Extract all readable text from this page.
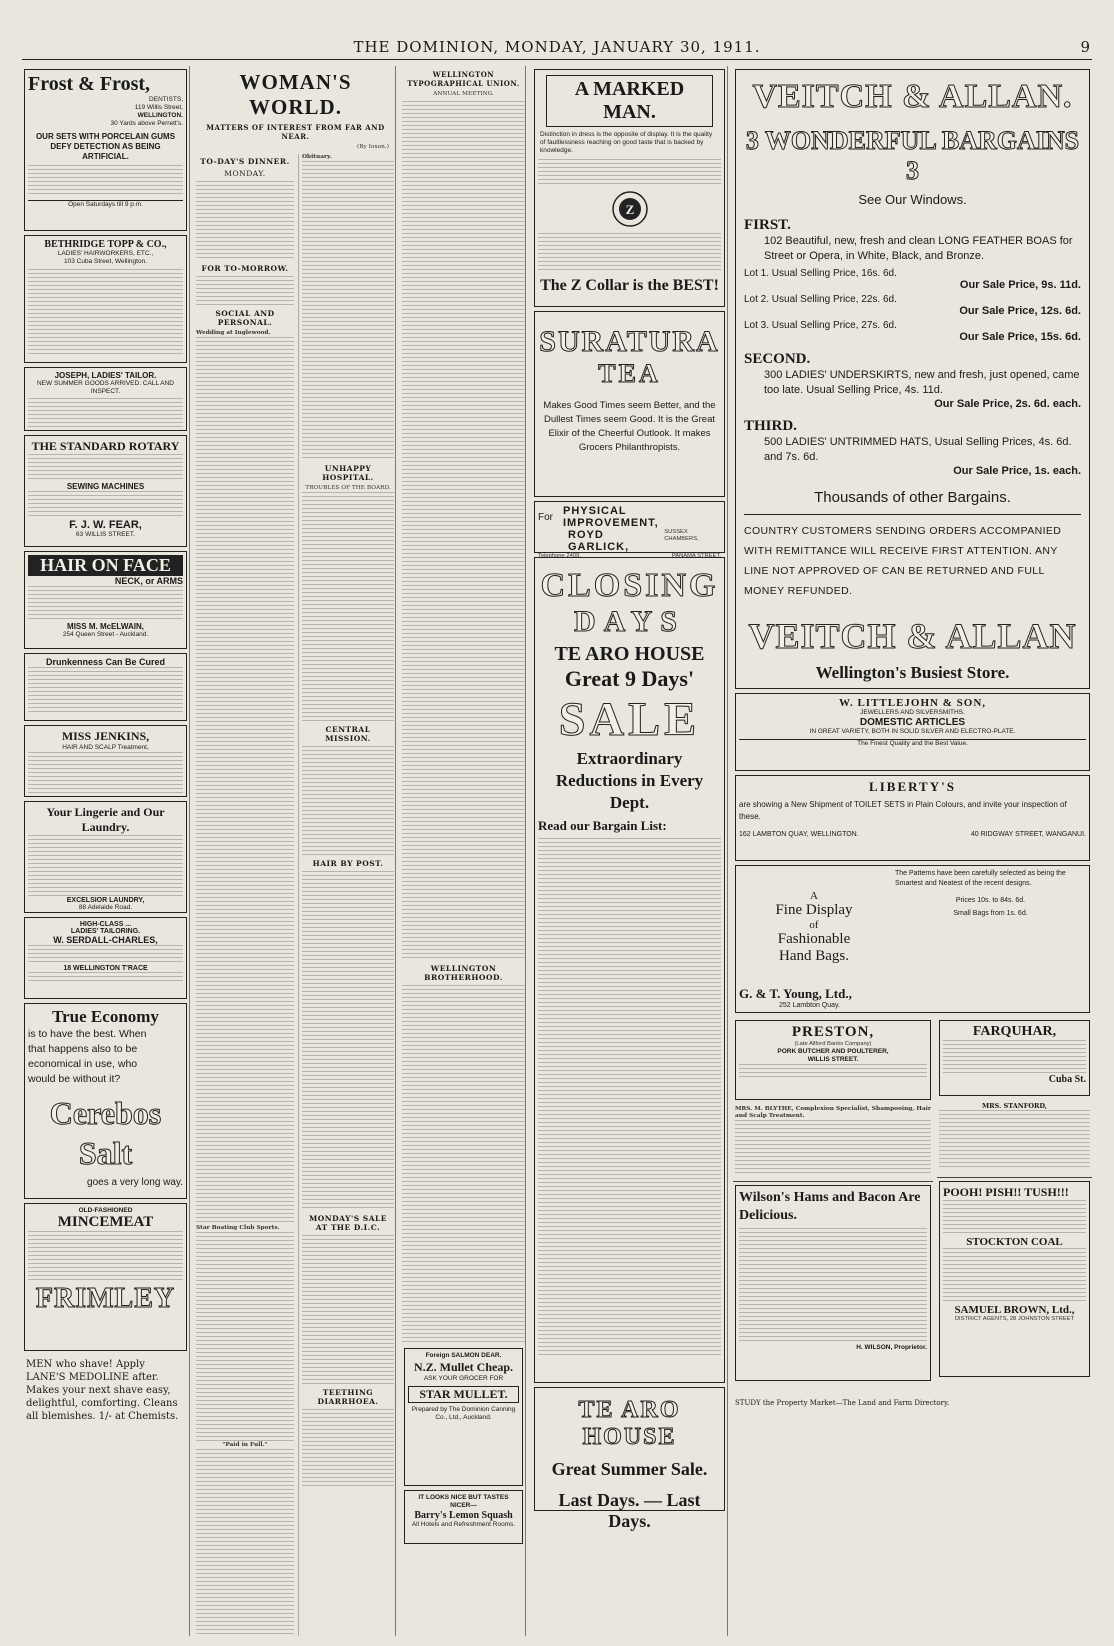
THE DOMINION, MONDAY, JANUARY 30, 1911.	9
Frost & Frost,
DENTISTS,
119 Willis Street,
WELLINGTON.
30 Yards above Perrett's.
OUR SETS WITH PORCELAIN GUMS DEFY DETECTION AS BEING ARTIFICIAL.
Open Saturdays till 9 p.m.
BETHRIDGE TOPP & CO.,
LADIES' HAIRWORKERS, ETC.,
103 Cuba Street, Wellington.
JOSEPH, LADIES' TAILOR.
NEW SUMMER GOODS ARRIVED. CALL AND INSPECT.
THE STANDARD ROTARY
SEWING MACHINES
F. J. W. FEAR,
63 WILLIS STREET.
HAIR ON FACE
NECK, or ARMS
MISS M. McELWAIN,
254 Queen Street - Auckland.
Drunkenness Can Be Cured
MISS JENKINS,
HAIR AND SCALP Treatment,
Your Lingerie and Our Laundry.
EXCELSIOR LAUNDRY,
88 Adelaide Road.
HIGH-CLASS ...
LADIES' TAILORING.
W. SERDALL-CHARLES,
18 WELLINGTON T'RACE
True Economy
is to have the best. When
that happens also to be
economical in use, who
would be without it?
Cerebos Salt
goes a very long way.
OLD-FASHIONED
MINCEMEAT
FRIMLEY
MEN who shave! Apply LANE'S MEDOLINE after. Makes your next shave easy, delightful, comforting. Cleans all blemishes. 1/- at Chemists.
WOMAN'S WORLD.
MATTERS OF INTEREST FROM FAR AND NEAR.
(By Ioxon.)
TO-DAY'S DINNER.
MONDAY.
FOR TO-MORROW.
SOCIAL AND PERSONAL.
Wedding at Inglewood.
Star Boating Club Sports.
"Paid in Full."
Obituary.
UNHAPPY HOSPITAL.
TROUBLES OF THE BOARD.
CENTRAL MISSION.
HAIR BY POST.
MONDAY'S SALE AT THE D.I.C.
TEETHING DIARRHOEA.
WELLINGTON TYPOGRAPHICAL UNION.
ANNUAL MEETING.
WELLINGTON BROTHERHOOD.
Foreign SALMON DEAR.
N.Z. Mullet Cheap.
ASK YOUR GROCER FOR
STAR MULLET.
Prepared by The Dominion Canning Co., Ltd., Auckland.
IT LOOKS NICE BUT TASTES NICER—
Barry's Lemon Squash
All Hotels and Refreshment Rooms.
A MARKED MAN.
Distinction in dress is the opposite of display. It is the quality of faultlessness reaching on good taste that is backed by knowledge.
Z
The Z Collar is the BEST!
SURATURA
TEA
Makes Good Times seem Better, and the Dullest Times seem Good. It is the Great Elixir of the Cheerful Outlook. It makes Grocers Philanthropists.
For PHYSICAL IMPROVEMENT,
ROYD GARLICK,
SUSSEX CHAMBERS,
Telephone 2409.	PANAMA STREET.
CLOSING
DAYS
TE ARO HOUSE
Great 9 Days'
SALE
Extraordinary Reductions in Every Dept.
Read our Bargain List:
TE ARO HOUSE
Great Summer Sale.
Last Days. — Last Days.
VEITCH & ALLAN.
3 WONDERFUL BARGAINS 3
See Our Windows.
FIRST.
102 Beautiful, new, fresh and clean LONG FEATHER BOAS for Street or Opera, in White, Black, and Bronze.
Lot 1. Usual Selling Price, 16s. 6d.
Our Sale Price, 9s. 11d.
Lot 2. Usual Selling Price, 22s. 6d.
Our Sale Price, 12s. 6d.
Lot 3. Usual Selling Price, 27s. 6d.
Our Sale Price, 15s. 6d.
SECOND.
300 LADIES' UNDERSKIRTS, new and fresh, just opened, came too late. Usual Selling Price, 4s. 11d.
Our Sale Price, 2s. 6d. each.
THIRD.
500 LADIES' UNTRIMMED HATS, Usual Selling Prices, 4s. 6d. and 7s. 6d.
Our Sale Price, 1s. each.
Thousands of other Bargains.
COUNTRY CUSTOMERS SENDING ORDERS ACCOMPANIED WITH REMITTANCE WILL RECEIVE FIRST ATTENTION. ANY LINE NOT APPROVED OF CAN BE RETURNED AND FULL MONEY REFUNDED.
VEITCH & ALLAN
Wellington's Busiest Store.
W. LITTLEJOHN & SON,
JEWELLERS AND SILVERSMITHS.
DOMESTIC ARTICLES
IN GREAT VARIETY, BOTH IN SOLID SILVER AND ELECTRO-PLATE.
The Finest Quality and the Best Value.
LIBERTY'S
are showing a New Shipment of TOILET SETS in Plain Colours, and invite your inspection of these.
162 LAMBTON QUAY, WELLINGTON.	40 RIDGWAY STREET, WANGANUI.
A
Fine Display
of
Fashionable
Hand Bags.
The Patterns have been carefully selected as being the Smartest and Neatest of the recent designs.
Prices 10s. to 84s. 6d.
Small Bags from 1s. 6d.
G. & T. Young, Ltd.,
252 Lambton Quay.
PRESTON,
(Late Allford Banks Company)
PORK BUTCHER AND POULTERER,
WILLIS STREET.
MRS. M. BLYTHE, Complexion Specialist, Shampooing, Hair and Scalp Treatment.
Wilson's Hams and Bacon Are Delicious.
H. WILSON, Proprietor.
FARQUHAR,
Cuba St.
MRS. STANFORD,
POOH! PISH!! TUSH!!!
STOCKTON COAL
SAMUEL BROWN, Ltd.,
DISTRICT AGENTS, 28 JOHNSTON STREET
STUDY the Property Market—The Land and Farm Directory.
